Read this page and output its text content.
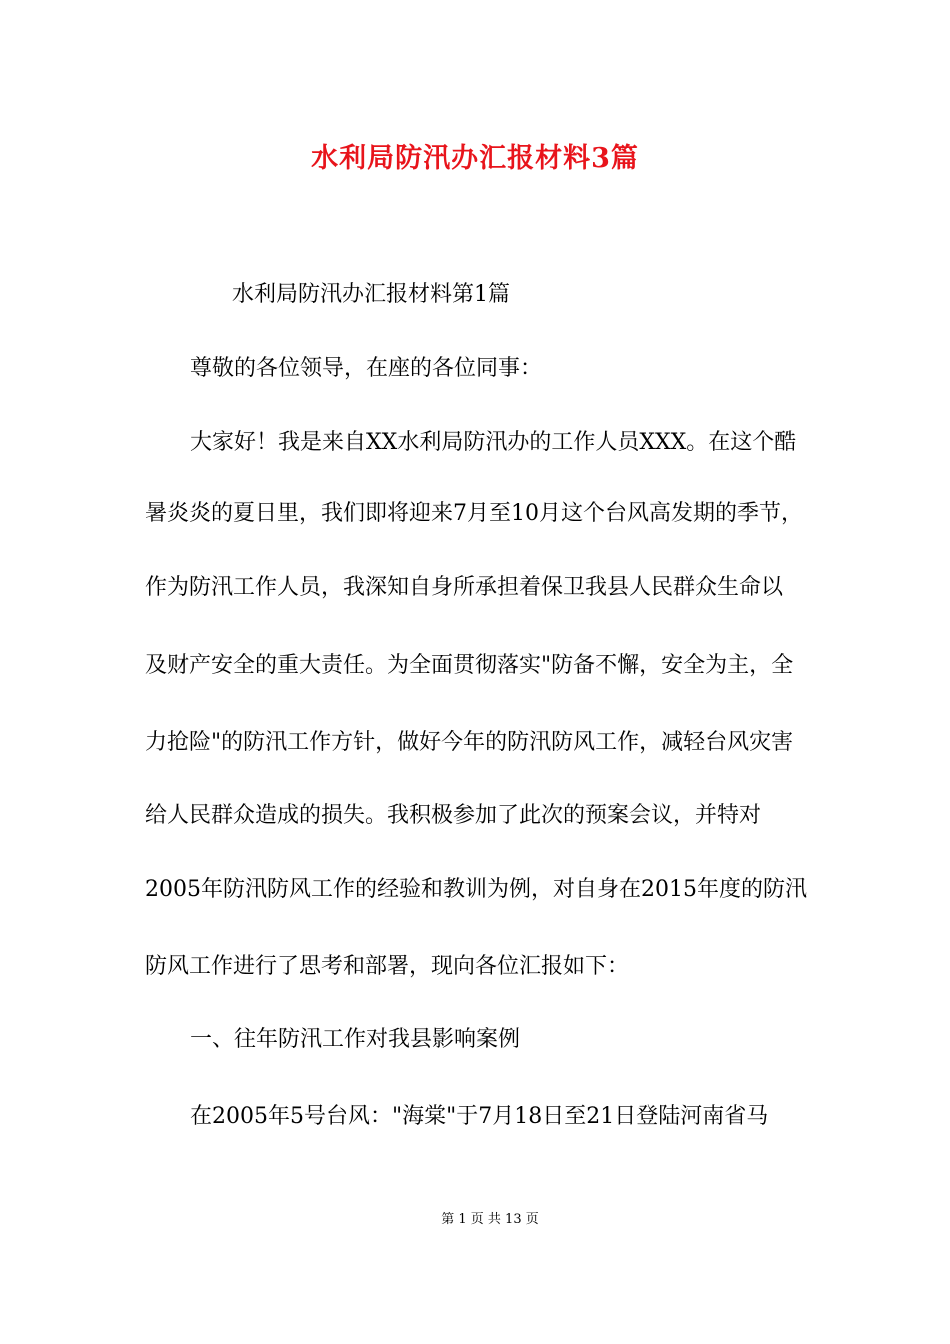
水利局防汛办汇报材料3篇
水利局防汛办汇报材料第1篇
尊敬的各位领导，在座的各位同事：
大家好！我是来自XX水利局防汛办的工作人员XXX。在这个酷
暑炎炎的夏日里，我们即将迎来7月至10月这个台风高发期的季节，
作为防汛工作人员，我深知自身所承担着保卫我县人民群众生命以
及财产安全的重大责任。为全面贯彻落实"防备不懈，安全为主，全
力抢险"的防汛工作方针，做好今年的防汛防风工作，减轻台风灾害
给人民群众造成的损失。我积极参加了此次的预案会议，并特对
2005年防汛防风工作的经验和教训为例，对自身在2015年度的防汛
防风工作进行了思考和部署，现向各位汇报如下：
一、往年防汛工作对我县影响案例
在2005年5号台风："海棠"于7月18日至21日登陆河南省马
第 1 页 共 13 页
